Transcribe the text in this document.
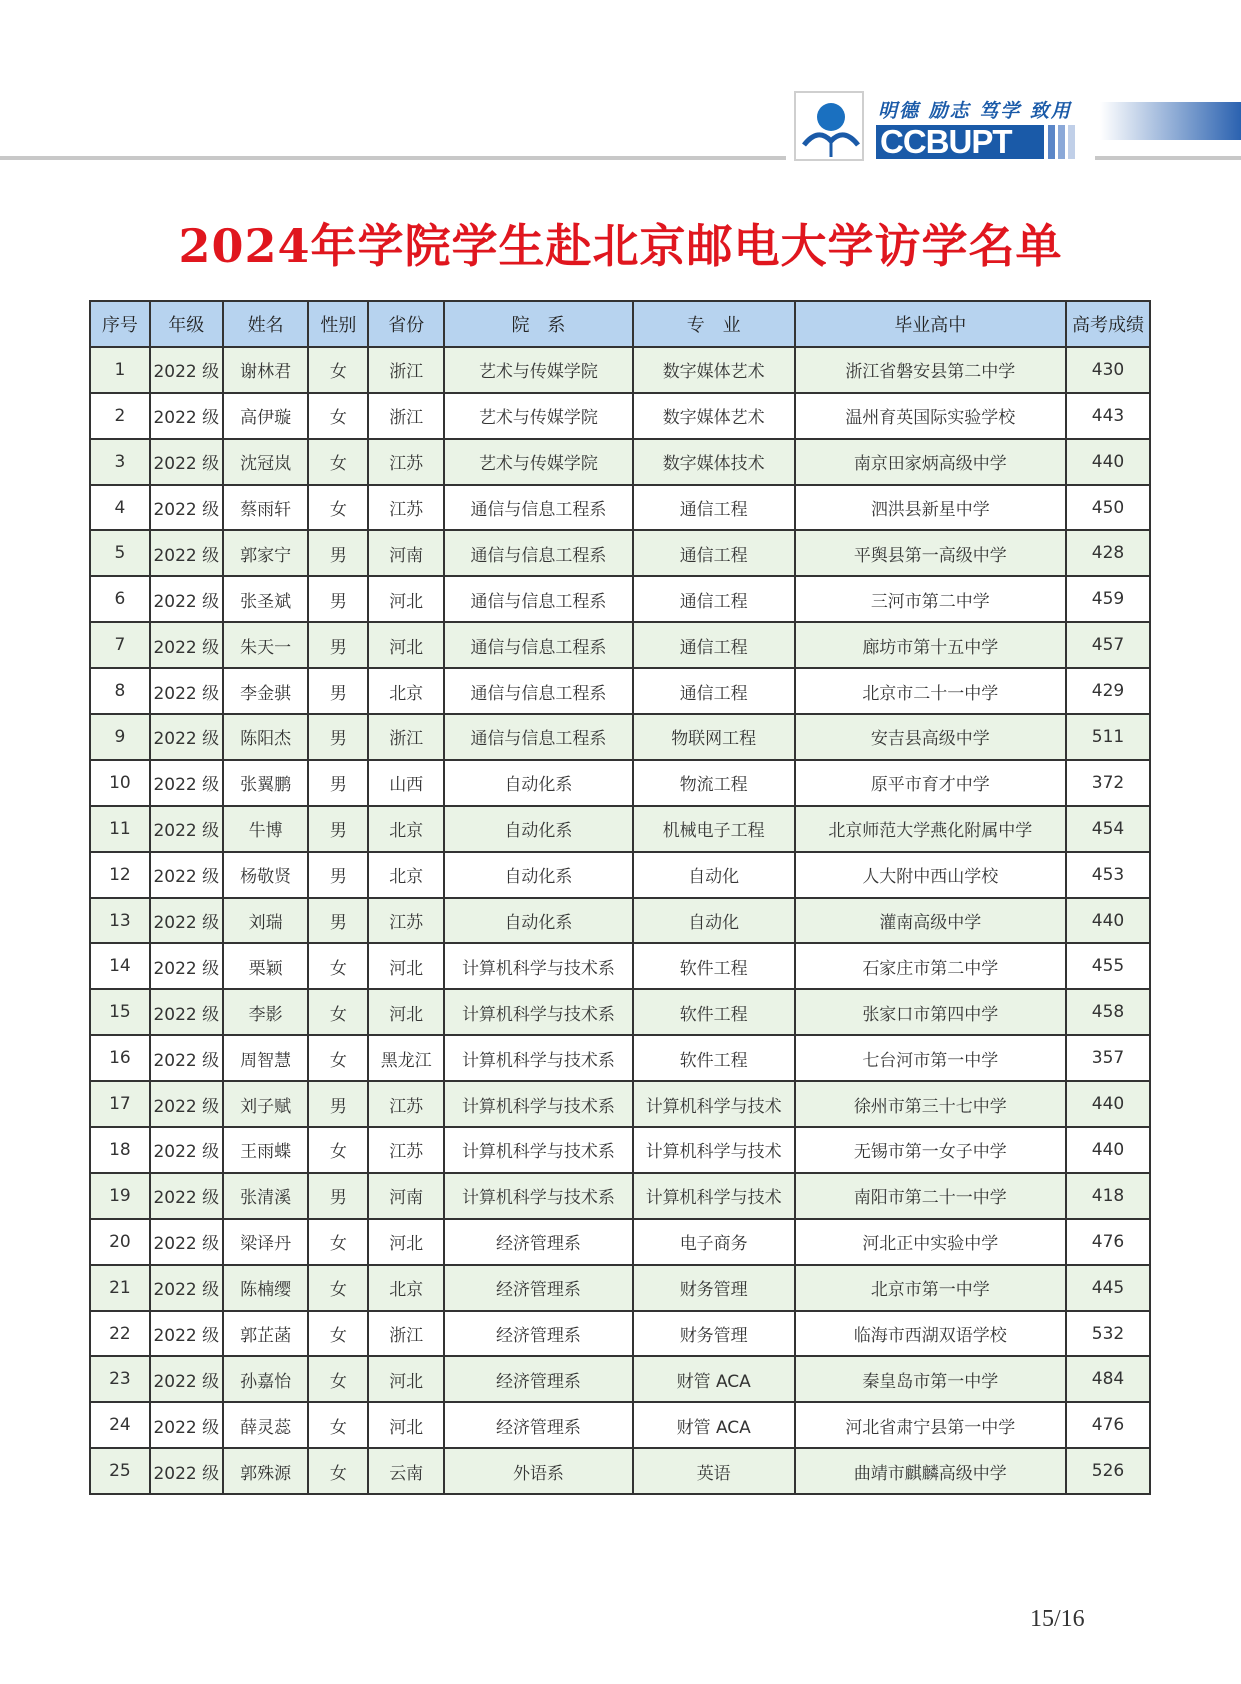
明德 励志 笃学 致用
CCBUPT
2024年学院学生赴北京邮电大学访学名单
序号	年级	姓名	性别	省份	院　系	专　业	毕业高中	高考成绩
1	2022 级	谢林君	女	浙江	艺术与传媒学院	数字媒体艺术	浙江省磐安县第二中学	430
2	2022 级	高伊璇	女	浙江	艺术与传媒学院	数字媒体艺术	温州育英国际实验学校	443
3	2022 级	沈冠岚	女	江苏	艺术与传媒学院	数字媒体技术	南京田家炳高级中学	440
4	2022 级	蔡雨轩	女	江苏	通信与信息工程系	通信工程	泗洪县新星中学	450
5	2022 级	郭家宁	男	河南	通信与信息工程系	通信工程	平舆县第一高级中学	428
6	2022 级	张圣斌	男	河北	通信与信息工程系	通信工程	三河市第二中学	459
7	2022 级	朱天一	男	河北	通信与信息工程系	通信工程	廊坊市第十五中学	457
8	2022 级	李金骐	男	北京	通信与信息工程系	通信工程	北京市二十一中学	429
9	2022 级	陈阳杰	男	浙江	通信与信息工程系	物联网工程	安吉县高级中学	511
10	2022 级	张翼鹏	男	山西	自动化系	物流工程	原平市育才中学	372
11	2022 级	牛博	男	北京	自动化系	机械电子工程	北京师范大学燕化附属中学	454
12	2022 级	杨敬贤	男	北京	自动化系	自动化	人大附中西山学校	453
13	2022 级	刘瑞	男	江苏	自动化系	自动化	灌南高级中学	440
14	2022 级	栗颖	女	河北	计算机科学与技术系	软件工程	石家庄市第二中学	455
15	2022 级	李影	女	河北	计算机科学与技术系	软件工程	张家口市第四中学	458
16	2022 级	周智慧	女	黑龙江	计算机科学与技术系	软件工程	七台河市第一中学	357
17	2022 级	刘子赋	男	江苏	计算机科学与技术系	计算机科学与技术	徐州市第三十七中学	440
18	2022 级	王雨蝶	女	江苏	计算机科学与技术系	计算机科学与技术	无锡市第一女子中学	440
19	2022 级	张清溪	男	河南	计算机科学与技术系	计算机科学与技术	南阳市第二十一中学	418
20	2022 级	梁译丹	女	河北	经济管理系	电子商务	河北正中实验中学	476
21	2022 级	陈楠缨	女	北京	经济管理系	财务管理	北京市第一中学	445
22	2022 级	郭芷菡	女	浙江	经济管理系	财务管理	临海市西湖双语学校	532
23	2022 级	孙嘉怡	女	河北	经济管理系	财管 ACA	秦皇岛市第一中学	484
24	2022 级	薛灵蕊	女	河北	经济管理系	财管 ACA	河北省肃宁县第一中学	476
25	2022 级	郭殊源	女	云南	外语系	英语	曲靖市麒麟高级中学	526
15/16
